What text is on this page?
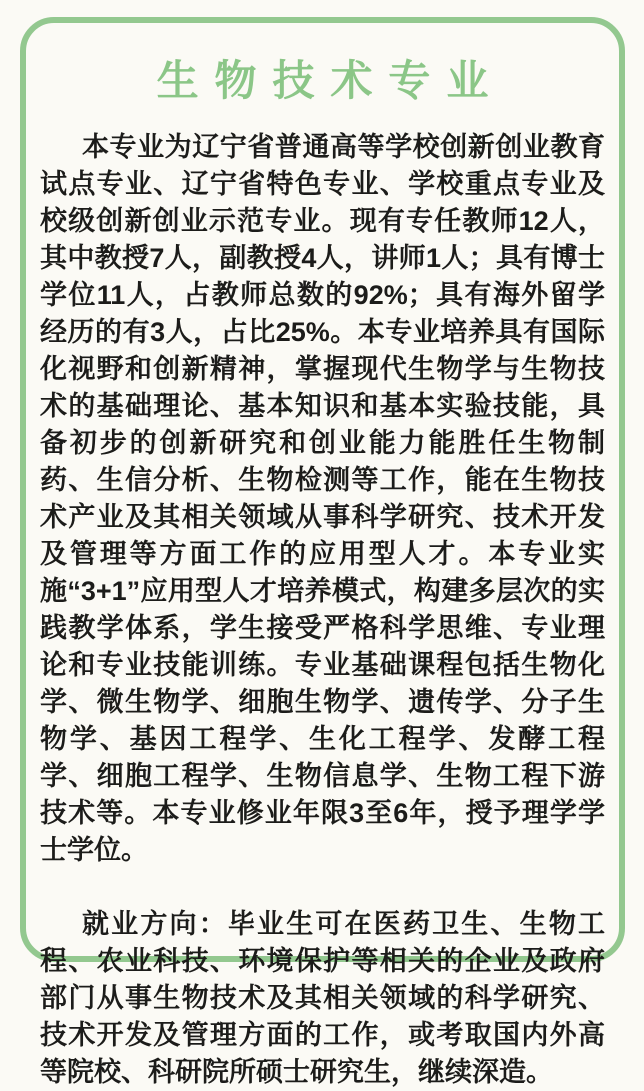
生物技术专业

本专业为辽宁省普通高等学校创新创业教育试点专业、辽宁省特色专业、学校重点专业及校级创新创业示范专业。现有专任教师12人，其中教授7人，副教授4人，讲师1人；具有博士学位11人，占教师总数的92%；具有海外留学经历的有3人，占比25%。本专业培养具有国际化视野和创新精神，掌握现代生物学与生物技术的基础理论、基本知识和基本实验技能，具备初步的创新研究和创业能力能胜任生物制药、生信分析、生物检测等工作，能在生物技术产业及其相关领域从事科学研究、技术开发及管理等方面工作的应用型人才。本专业实施“3+1”应用型人才培养模式，构建多层次的实践教学体系，学生接受严格科学思维、专业理论和专业技能训练。专业基础课程包括生物化学、微生物学、细胞生物学、遗传学、分子生物学、基因工程学、生化工程学、发酵工程学、细胞工程学、生物信息学、生物工程下游技术等。本专业修业年限3至6年，授予理学学士学位。

就业方向：毕业生可在医药卫生、生物工程、农业科技、环境保护等相关的企业及政府部门从事生物技术及其相关领域的科学研究、技术开发及管理方面的工作，或考取国内外高等院校、科研院所硕士研究生，继续深造。
